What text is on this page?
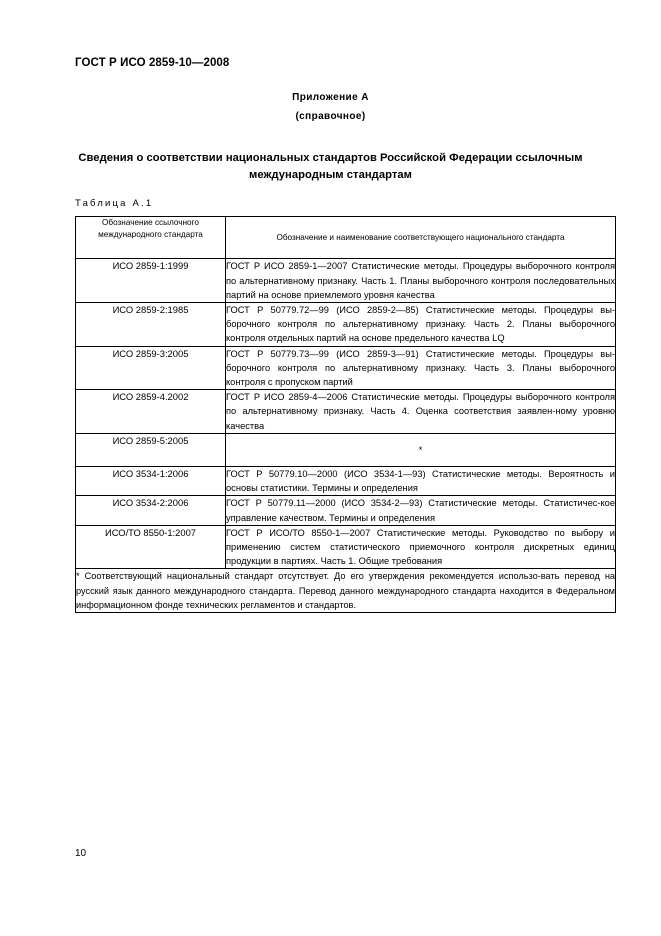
ГОСТ Р ИСО 2859-10—2008
Приложение А
(справочное)
Сведения о соответствии национальных стандартов Российской Федерации ссылочным международным стандартам
Таблица А.1
Обозначение ссылочного международного стандарта	Обозначение и наименование соответствующего национального стандарта
ИСО 2859-1:1999	ГОСТ Р ИСО 2859-1—2007 Статистические методы. Процедуры выборочного контроля по альтернативному признаку. Часть 1. Планы выборочного контроля последовательных партий на основе приемлемого уровня качества
ИСО 2859-2:1985	ГОСТ Р 50779.72—99 (ИСО 2859-2—85) Статистические методы. Процедуры вы-борочного контроля по альтернативному признаку. Часть 2. Планы выборочного контроля отдельных партий на основе предельного качества LQ
ИСО 2859-3:2005	ГОСТ Р 50779.73—99 (ИСО 2859-3—91) Статистические методы. Процедуры вы-борочного контроля по альтернативному признаку. Часть 3. Планы выборочного контроля с пропуском партий
ИСО 2859-4.2002	ГОСТ Р ИСО 2859-4—2006 Статистические методы. Процедуры выборочного контроля по альтернативному признаку. Часть 4. Оценка соответствия заявлен-ному уровню качества
ИСО 2859-5:2005	*
ИСО 3534-1:2006	ГОСТ Р 50779.10—2000 (ИСО 3534-1—93) Статистические методы. Вероятность и основы статистики. Термины и определения
ИСО 3534-2:2006	ГОСТ Р 50779.11—2000 (ИСО 3534-2—93) Статистические методы. Статистичес-кое управление качеством. Термины и определения
ИСО/ТО 8550-1:2007	ГОСТ Р ИСО/ТО 8550-1—2007 Статистические методы. Руководство по выбору и применению систем статистического приемочного контроля дискретных единиц продукции в партиях. Часть 1. Общие требования
* Соответствующий национальный стандарт отсутствует. До его утверждения рекомендуется использо-вать перевод на русский язык данного международного стандарта. Перевод данного международного стандарта находится в Федеральном информационном фонде технических регламентов и стандартов.	
10
